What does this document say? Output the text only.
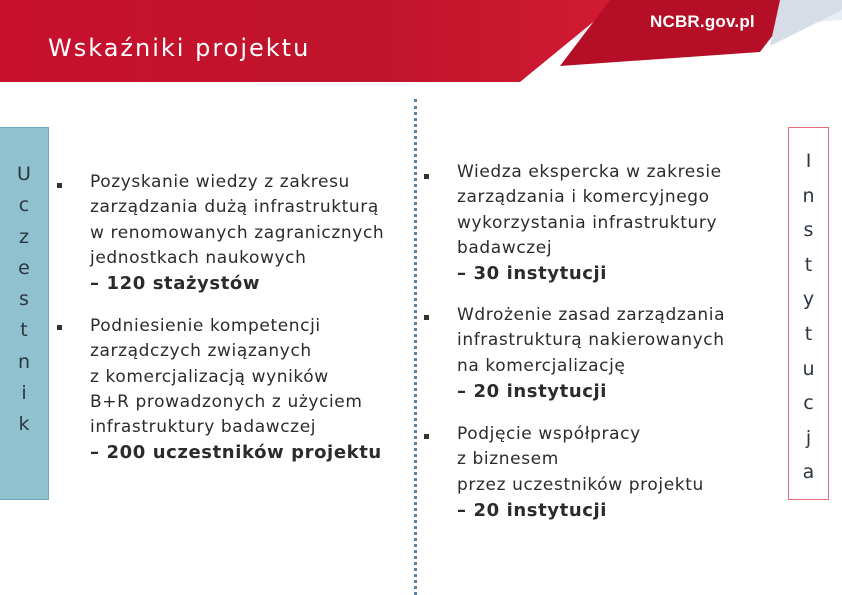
Wskaźniki projektu
NCBR.gov.pl
U
c
z
e
s
t
n
i
k
I
n
s
t
y
t
u
c
j
a
Pozyskanie wiedzy z zakresu
zarządzania dużą infrastrukturą
w renomowanych zagranicznych
jednostkach naukowych
– 120 stażystów
Podniesienie kompetencji
zarządczych związanych
z komercjalizacją wyników
B+R prowadzonych z użyciem
infrastruktury badawczej
– 200 uczestników projektu
Wiedza ekspercka w zakresie
zarządzania i komercyjnego
wykorzystania infrastruktury
badawczej
– 30 instytucji
Wdrożenie zasad zarządzania
infrastrukturą nakierowanych
na komercjalizację
– 20 instytucji
Podjęcie współpracy
z biznesem
przez uczestników projektu
– 20 instytucji
